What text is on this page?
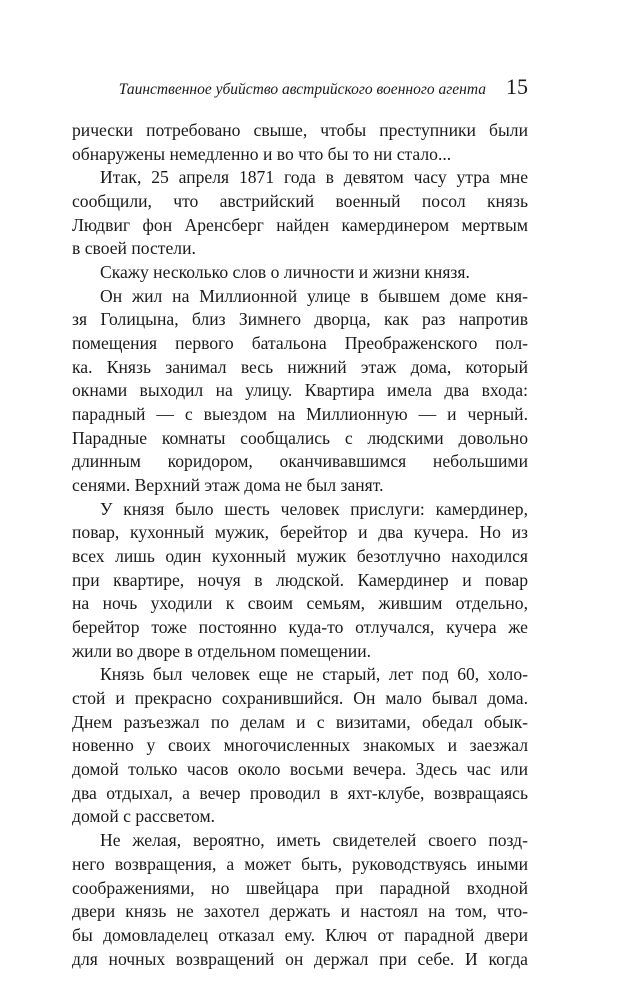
Таинственное убийство австрийского военного агента 15
рически потребовано свыше, чтобы преступники были
обнаружены немедленно и во что бы то ни стало...
Итак, 25 апреля 1871 года в девятом часу утра мне
сообщили, что австрийский военный посол князь
Людвиг фон Аренсберг найден камердинером мертвым
в своей постели.
Скажу несколько слов о личности и жизни князя.
Он жил на Миллионной улице в бывшем доме кня-
зя Голицына, близ Зимнего дворца, как раз напротив
помещения первого батальона Преображенского пол-
ка. Князь занимал весь нижний этаж дома, который
окнами выходил на улицу. Квартира имела два входа:
парадный — с выездом на Миллионную — и черный.
Парадные комнаты сообщались с людскими довольно
длинным коридором, оканчивавшимся небольшими
сенями. Верхний этаж дома не был занят.
У князя было шесть человек прислуги: камердинер,
повар, кухонный мужик, берейтор и два кучера. Но из
всех лишь один кухонный мужик безотлучно находился
при квартире, ночуя в людской. Камердинер и повар
на ночь уходили к своим семьям, жившим отдельно,
берейтор тоже постоянно куда-то отлучался, кучера же
жили во дворе в отдельном помещении.
Князь был человек еще не старый, лет под 60, холо-
стой и прекрасно сохранившийся. Он мало бывал дома.
Днем разъезжал по делам и с визитами, обедал обык-
новенно у своих многочисленных знакомых и заезжал
домой только часов около восьми вечера. Здесь час или
два отдыхал, а вечер проводил в яхт-клубе, возвращаясь
домой с рассветом.
Не желая, вероятно, иметь свидетелей своего позд-
него возвращения, а может быть, руководствуясь иными
соображениями, но швейцара при парадной входной
двери князь не захотел держать и настоял на том, что-
бы домовладелец отказал ему. Ключ от парадной двери
для ночных возвращений он держал при себе. И когда
